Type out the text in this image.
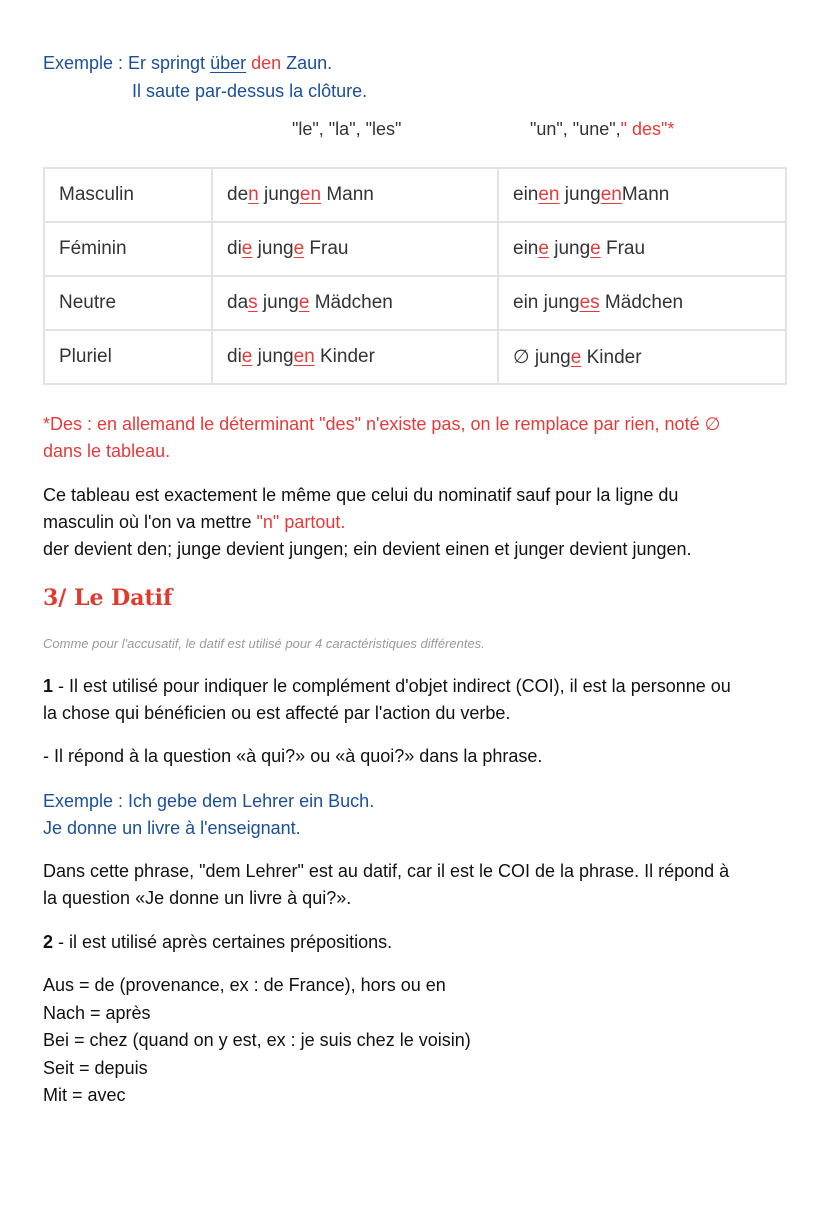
Exemple : Er springt über den Zaun.
Il saute par-dessus la clôture.
"le", "la", "les"	"un", "une"," des"*
Masculin	den jungen Mann	einen jungenMann
Féminin	die junge Frau	eine junge Frau
Neutre	das junge Mädchen	ein junges Mädchen
Pluriel	die jungen Kinder	∅ junge Kinder
*Des : en allemand le déterminant "des" n'existe pas, on le remplace par rien, noté ∅
dans le tableau.
Ce tableau est exactement le même que celui du nominatif sauf pour la ligne du
masculin où l'on va mettre "n" partout.
der devient den; junge devient jungen; ein devient einen et junger devient jungen.
3/ Le Datif
Comme pour l'accusatif, le datif est utilisé pour 4 caractéristiques différentes.
1 - Il est utilisé pour indiquer le complément d'objet indirect (COI), il est la personne ou
la chose qui bénéficien ou est affecté par l'action du verbe.
- Il répond à la question «à qui?» ou «à quoi?» dans la phrase.
Exemple : Ich gebe dem Lehrer ein Buch.
Je donne un livre à l'enseignant.
Dans cette phrase, "dem Lehrer" est au datif, car il est le COI de la phrase. Il répond à
la question «Je donne un livre à qui?».
2 - il est utilisé après certaines prépositions.
Aus = de (provenance, ex : de France), hors ou en
Nach = après
Bei = chez (quand on y est, ex : je suis chez le voisin)
Seit = depuis
Mit = avec
